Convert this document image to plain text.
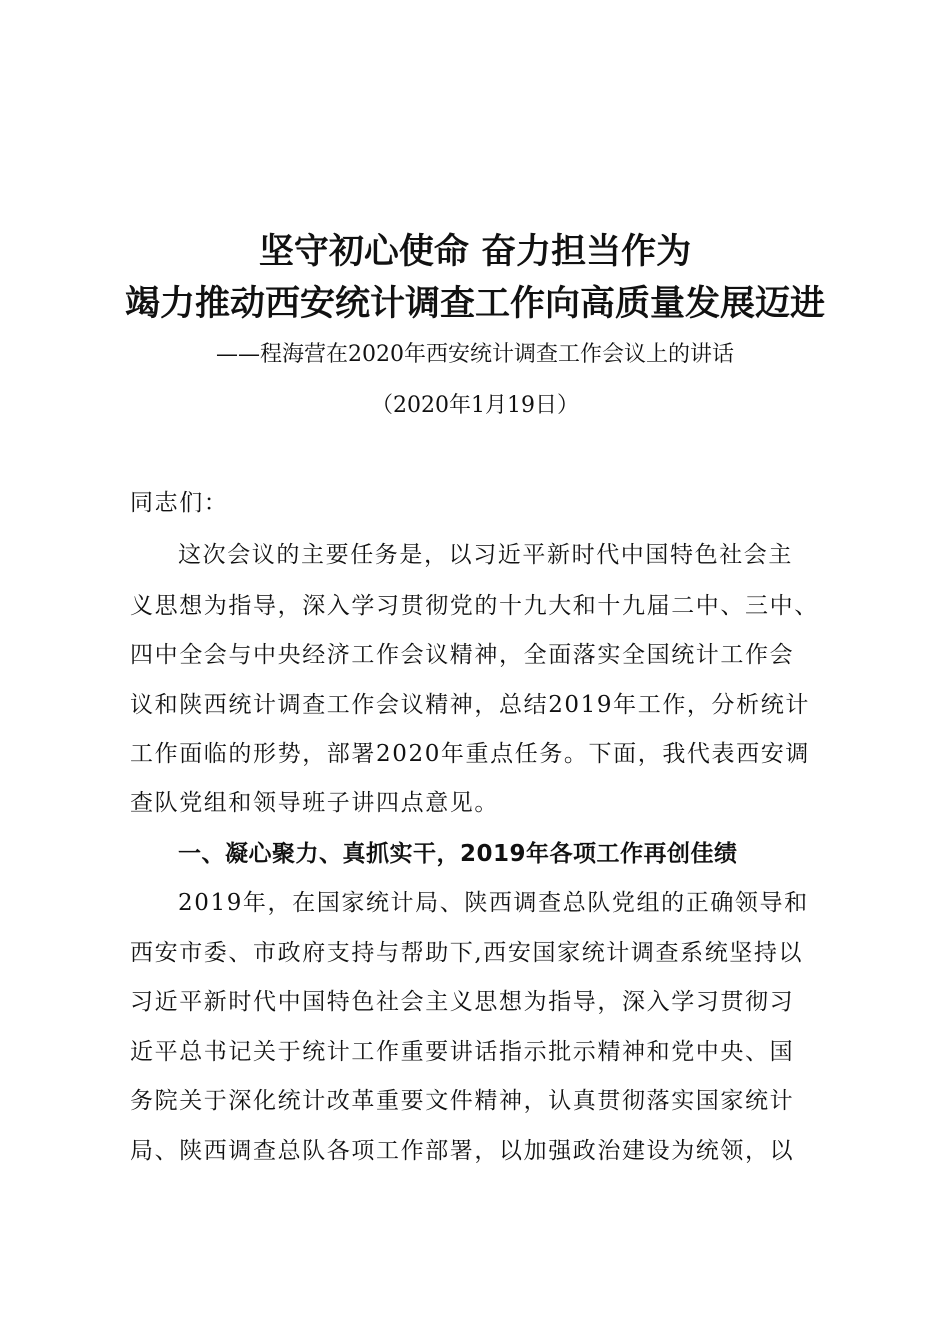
坚守初心使命 奋力担当作为
竭力推动西安统计调查工作向高质量发展迈进
——程海营在2020年西安统计调查工作会议上的讲话
（2020年1月19日）
同志们：
这次会议的主要任务是，以习近平新时代中国特色社会主
义思想为指导，深入学习贯彻党的十九大和十九届二中、三中、
四中全会与中央经济工作会议精神，全面落实全国统计工作会
议和陕西统计调查工作会议精神，总结2019年工作，分析统计
工作面临的形势，部署2020年重点任务。下面，我代表西安调
查队党组和领导班子讲四点意见。
一、凝心聚力、真抓实干，2019年各项工作再创佳绩
2019年，在国家统计局、陕西调查总队党组的正确领导和
西安市委、市政府支持与帮助下,西安国家统计调查系统坚持以
习近平新时代中国特色社会主义思想为指导，深入学习贯彻习
近平总书记关于统计工作重要讲话指示批示精神和党中央、国
务院关于深化统计改革重要文件精神，认真贯彻落实国家统计
局、陕西调查总队各项工作部署，以加强政治建设为统领，以
